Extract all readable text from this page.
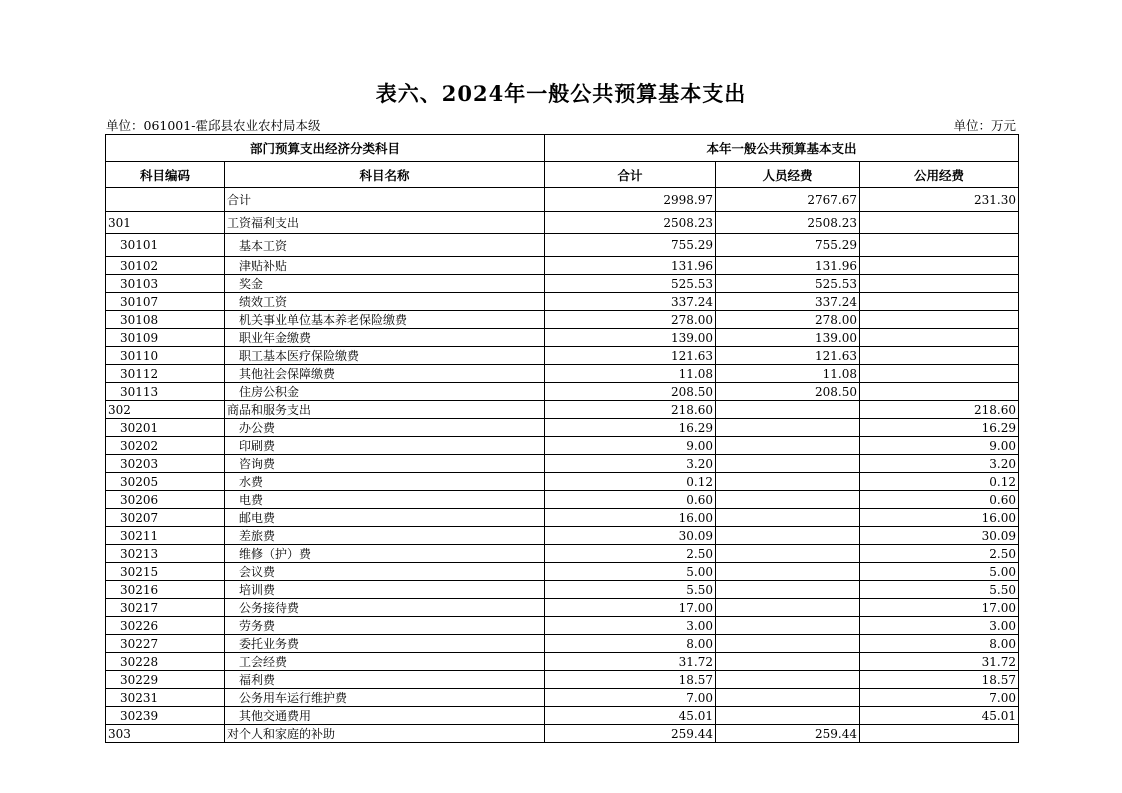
表六、2024年一般公共预算基本支出
单位：061001-霍邱县农业农村局本级	单位：万元
部门预算支出经济分类科目		本年一般公共预算基本支出		
科目编码	科目名称	合计	人员经费	公用经费
	合计	2998.97	2767.67	231.30
301	工资福利支出	2508.23	2508.23	
30101	基本工资	755.29	755.29	
30102	津贴补贴	131.96	131.96	
30103	奖金	525.53	525.53	
30107	绩效工资	337.24	337.24	
30108	机关事业单位基本养老保险缴费	278.00	278.00	
30109	职业年金缴费	139.00	139.00	
30110	职工基本医疗保险缴费	121.63	121.63	
30112	其他社会保障缴费	11.08	11.08	
30113	住房公积金	208.50	208.50	
302	商品和服务支出	218.60		218.60
30201	办公费	16.29		16.29
30202	印刷费	9.00		9.00
30203	咨询费	3.20		3.20
30205	水费	0.12		0.12
30206	电费	0.60		0.60
30207	邮电费	16.00		16.00
30211	差旅费	30.09		30.09
30213	维修（护）费	2.50		2.50
30215	会议费	5.00		5.00
30216	培训费	5.50		5.50
30217	公务接待费	17.00		17.00
30226	劳务费	3.00		3.00
30227	委托业务费	8.00		8.00
30228	工会经费	31.72		31.72
30229	福利费	18.57		18.57
30231	公务用车运行维护费	7.00		7.00
30239	其他交通费用	45.01		45.01
303	对个人和家庭的补助	259.44	259.44	
